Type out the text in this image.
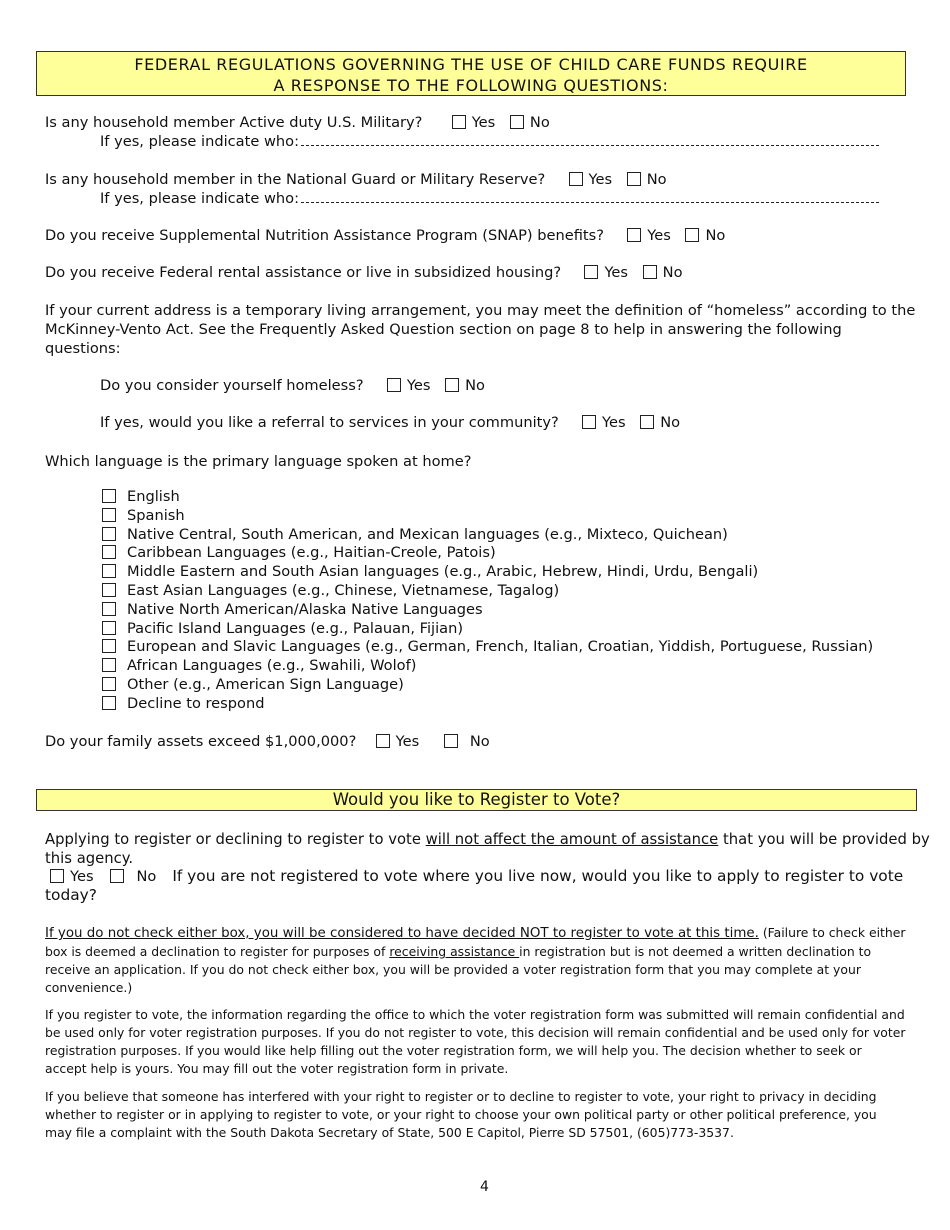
FEDERAL REGULATIONS GOVERNING THE USE OF CHILD CARE FUNDS REQUIRE
A RESPONSE TO THE FOLLOWING QUESTIONS:
Is any household member Active duty U.S. Military?	Yes No
If yes, please indicate who:
Is any household member in the National Guard or Military Reserve?	Yes No
If yes, please indicate who:
Do you receive Supplemental Nutrition Assistance Program (SNAP) benefits?	Yes No
Do you receive Federal rental assistance or live in subsidized housing?	Yes No
If your current address is a temporary living arrangement, you may meet the definition of “homeless” according to the
McKinney-Vento Act. See the Frequently Asked Question section on page 8 to help in answering the following
questions:
Do you consider yourself homeless?	Yes No
If yes, would you like a referral to services in your community?	Yes No
Which language is the primary language spoken at home?
English
Spanish
Native Central, South American, and Mexican languages (e.g., Mixteco, Quichean)
Caribbean Languages (e.g., Haitian-Creole, Patois)
Middle Eastern and South Asian languages (e.g., Arabic, Hebrew, Hindi, Urdu, Bengali)
East Asian Languages (e.g., Chinese, Vietnamese, Tagalog)
Native North American/Alaska Native Languages
Pacific Island Languages (e.g., Palauan, Fijian)
European and Slavic Languages (e.g., German, French, Italian, Croatian, Yiddish, Portuguese, Russian)
African Languages (e.g., Swahili, Wolof)
Other (e.g., American Sign Language)
Decline to respond
Do your family assets exceed $1,000,000?	Yes	No
Would you like to Register to Vote?
Applying to register or declining to register to vote will not affect the amount of assistance that you will be provided by
this agency.
Yes	No If you are not registered to vote where you live now, would you like to apply to register to vote
today?
If you do not check either box, you will be considered to have decided NOT to register to vote at this time. (Failure to check either box is deemed a declination to register for purposes of receiving assistance in registration but is not deemed a written declination to receive an application. If you do not check either box, you will be provided a voter registration form that you may complete at your convenience.)
If you register to vote, the information regarding the office to which the voter registration form was submitted will remain confidential and be used only for voter registration purposes. If you do not register to vote, this decision will remain confidential and be used only for voter registration purposes. If you would like help filling out the voter registration form, we will help you. The decision whether to seek or accept help is yours. You may fill out the voter registration form in private.
If you believe that someone has interfered with your right to register or to decline to register to vote, your right to privacy in deciding whether to register or in applying to register to vote, or your right to choose your own political party or other political preference, you may file a complaint with the South Dakota Secretary of State, 500 E Capitol, Pierre SD 57501, (605)773-3537.
4
